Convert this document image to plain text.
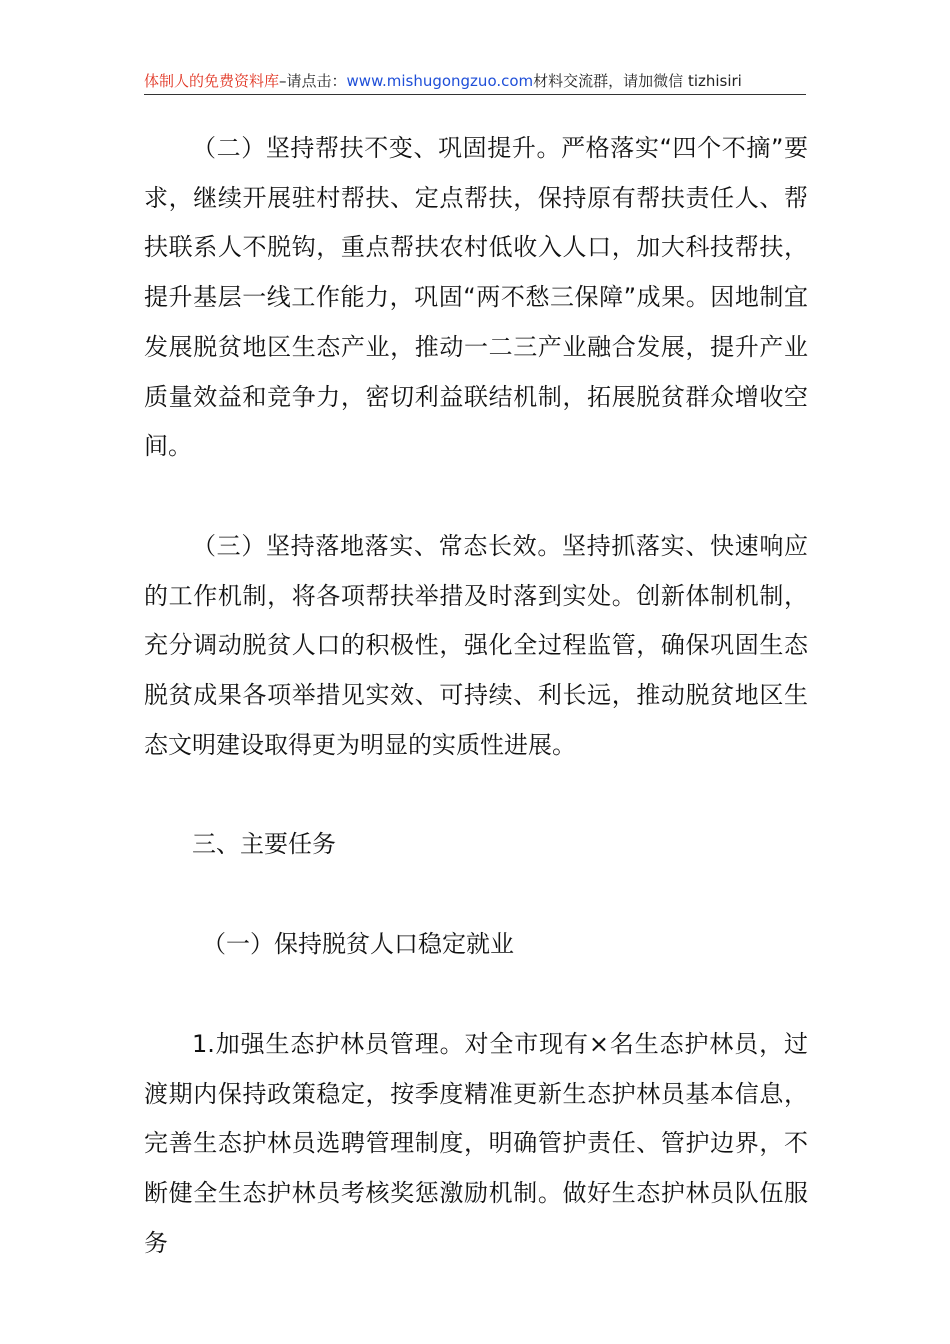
体制人的免费资料库–请点击：www.mishugongzuo.com材料交流群，请加微信 tizhisiri

（二）坚持帮扶不变、巩固提升。严格落实“四个不摘”要求，继续开展驻村帮扶、定点帮扶，保持原有帮扶责任人、帮扶联系人不脱钩，重点帮扶农村低收入人口，加大科技帮扶，提升基层一线工作能力，巩固“两不愁三保障”成果。因地制宜发展脱贫地区生态产业，推动一二三产业融合发展，提升产业质量效益和竞争力，密切利益联结机制，拓展脱贫群众增收空间。

（三）坚持落地落实、常态长效。坚持抓落实、快速响应的工作机制，将各项帮扶举措及时落到实处。创新体制机制，充分调动脱贫人口的积极性，强化全过程监管，确保巩固生态脱贫成果各项举措见实效、可持续、利长远，推动脱贫地区生态文明建设取得更为明显的实质性进展。

三、主要任务

（一）保持脱贫人口稳定就业

1.加强生态护林员管理。对全市现有×名生态护林员，过渡期内保持政策稳定，按季度精准更新生态护林员基本信息，完善生态护林员选聘管理制度，明确管护责任、管护边界，不断健全生态护林员考核奖惩激励机制。做好生态护林员队伍服务
